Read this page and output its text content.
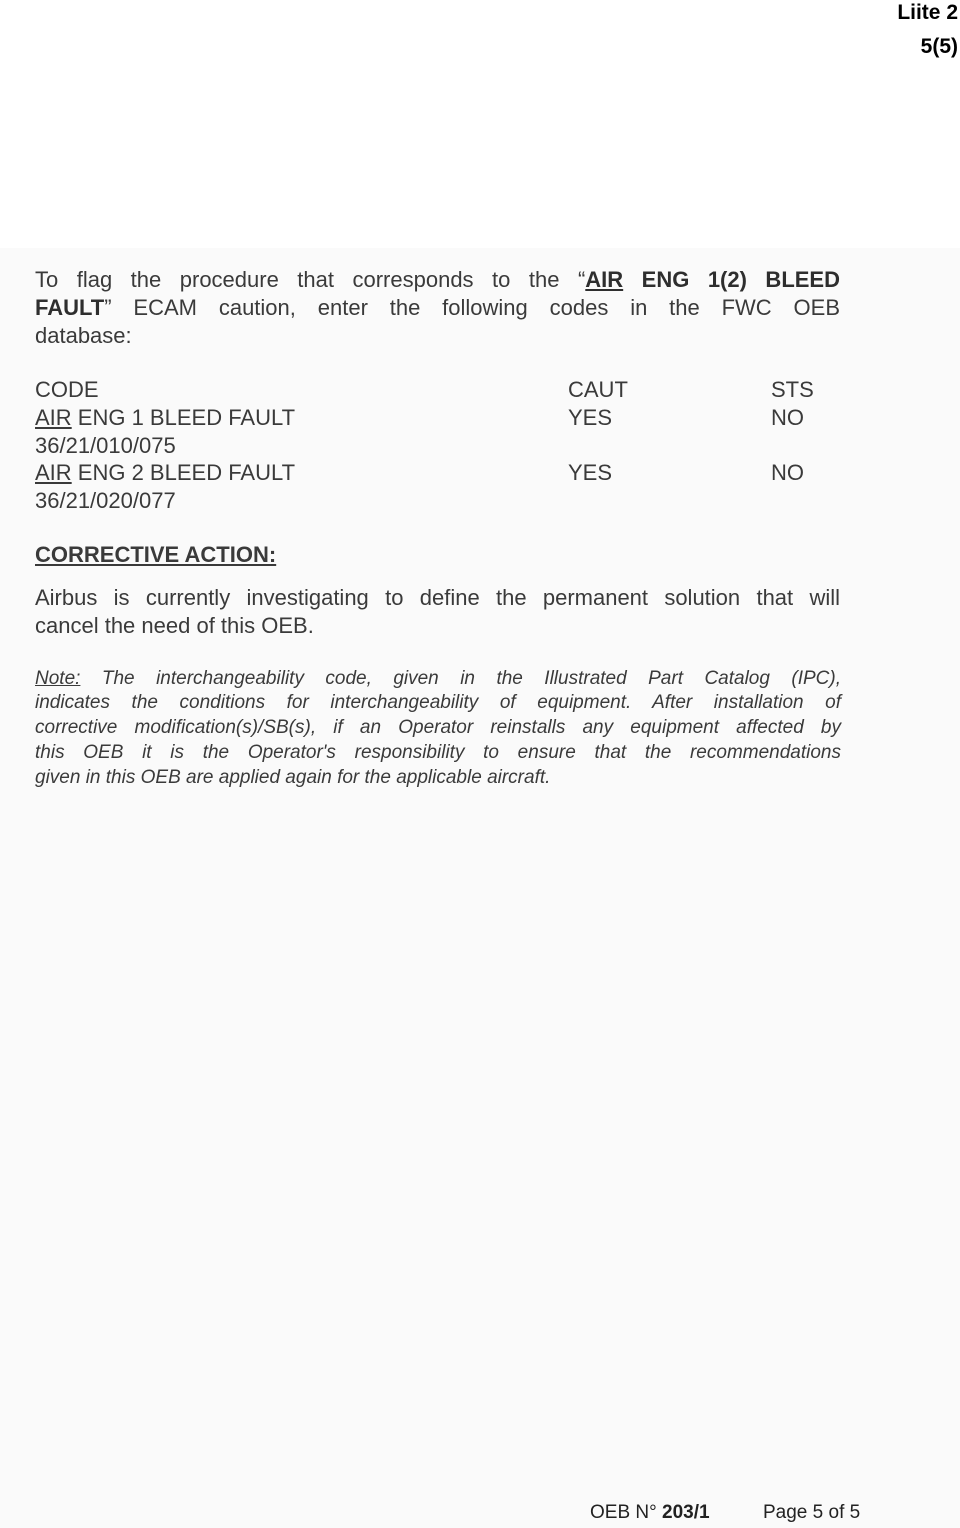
Liite 2
5(5)
To flag the procedure that corresponds to the “AIR ENG 1(2) BLEED
FAULT” ECAM caution, enter the following codes in the FWC OEB
database:
CODE	CAUT	STS
AIR ENG 1 BLEED FAULT	YES	NO
36/21/010/075
AIR ENG 2 BLEED FAULT	YES	NO
36/21/020/077
CORRECTIVE ACTION:
Airbus is currently investigating to define the permanent solution that will
cancel the need of this OEB.
Note: The interchangeability code, given in the Illustrated Part Catalog (IPC),
indicates the conditions for interchangeability of equipment. After installation of
corrective modification(s)/SB(s), if an Operator reinstalls any equipment affected by
this OEB it is the Operator's responsibility to ensure that the recommendations
given in this OEB are applied again for the applicable aircraft.
OEB N° 203/1	Page 5 of 5
